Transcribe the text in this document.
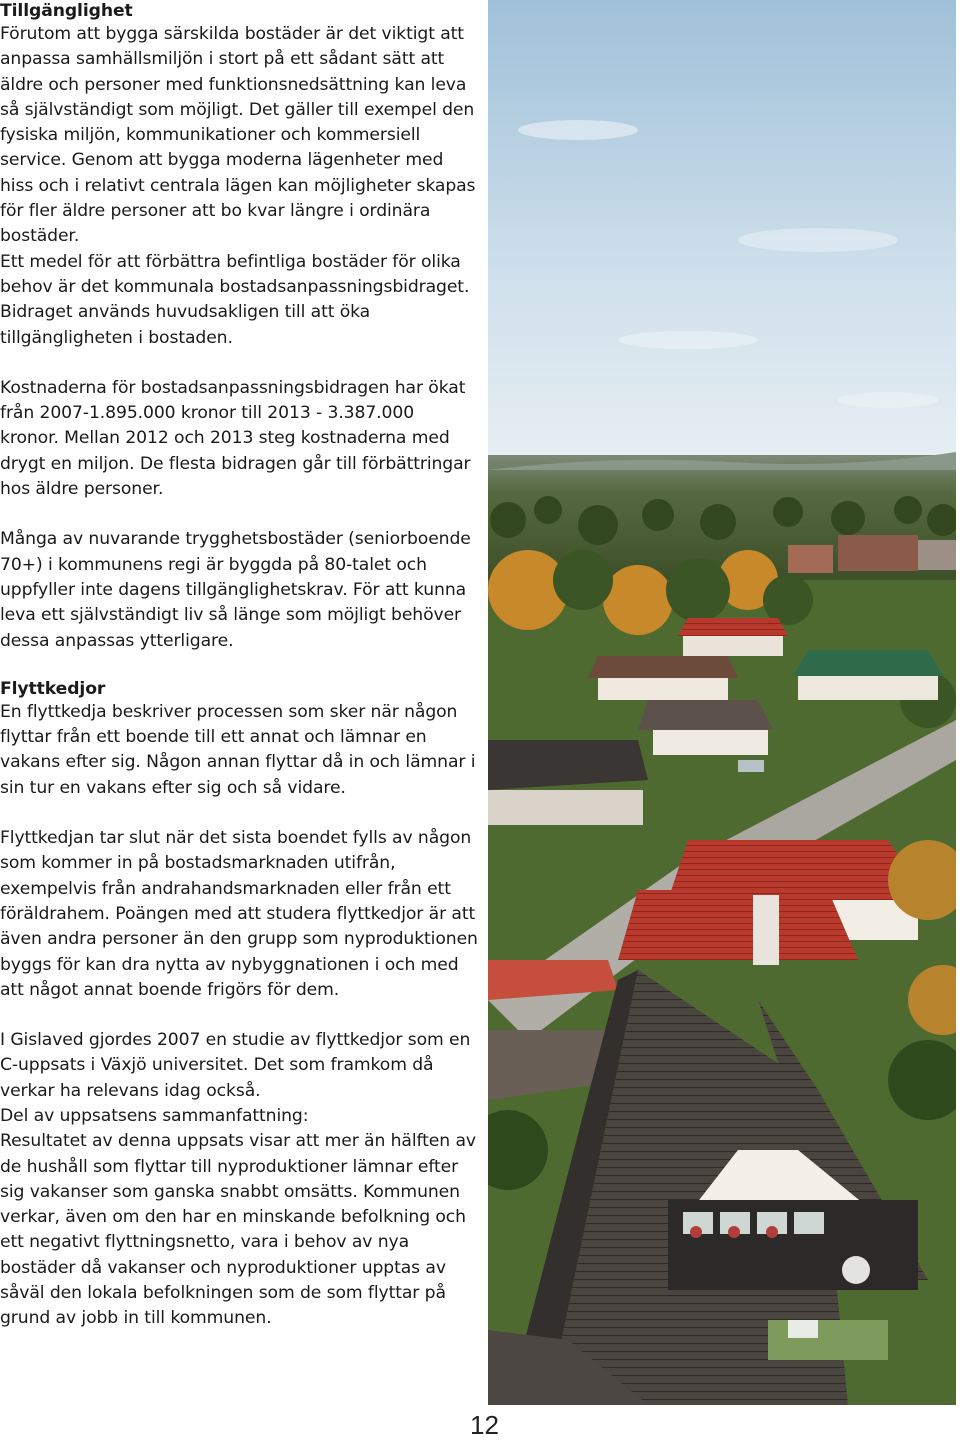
Tillgänglighet

Förutom att bygga särskilda bostäder är det viktigt att anpassa samhällsmiljön i stort på ett sådant sätt att äldre och personer med funktionsnedsättning kan leva så självständigt som möjligt. Det gäller till exempel den fysiska miljön, kommunikationer och kommersiell service. Genom att bygga moderna lägenheter med hiss och i relativt centrala lägen kan möjligheter skapas för fler äldre personer att bo kvar längre i ordinära bostäder.

Ett medel för att förbättra befintliga bostäder för olika behov är det kommunala bostadsanpassningsbidraget. Bidraget används huvudsakligen till att öka tillgängligheten i bostaden.

Kostnaderna för bostadsanpassningsbidragen har ökat från 2007-1.895.000 kronor till 2013 - 3.387.000 kronor. Mellan 2012 och 2013 steg kostnaderna med drygt en miljon. De flesta bidragen går till förbättringar hos äldre personer.

Många av nuvarande trygghetsbostäder (seniorboende 70+) i kommunens regi är byggda på 80-talet och uppfyller inte dagens tillgänglighetskrav. För att kunna leva ett självständigt liv så länge som möjligt behöver dessa anpassas ytterligare.

Flyttkedjor

En flyttkedja beskriver processen som sker när någon flyttar från ett boende till ett annat och lämnar en vakans efter sig. Någon annan flyttar då in och lämnar i sin tur en vakans efter sig och så vidare.

Flyttkedjan tar slut när det sista boendet fylls av någon som kommer in på bostadsmarknaden utifrån, exempelvis från andrahandsmarknaden eller från ett föräldrahem. Poängen med att studera flyttkedjor är att även andra personer än den grupp som nyproduktionen byggs för kan dra nytta av nybyggnationen i och med att något annat boende frigörs för dem.

I Gislaved gjordes 2007 en studie av flyttkedjor som en C-uppsats i Växjö universitet. Det som framkom då verkar ha relevans idag också.

Del av uppsatsens sammanfattning:

Resultatet av denna uppsats visar att mer än hälften av de hushåll som flyttar till nyproduktioner lämnar efter sig vakanser som ganska snabbt omsätts. Kommunen verkar, även om den har en minskande befolkning och ett negativt flyttningsnetto, vara i behov av nya bostäder då vakanser och nyproduktioner upptas av såväl den lokala befolkningen som de som flyttar på grund av jobb in till kommunen.

12
